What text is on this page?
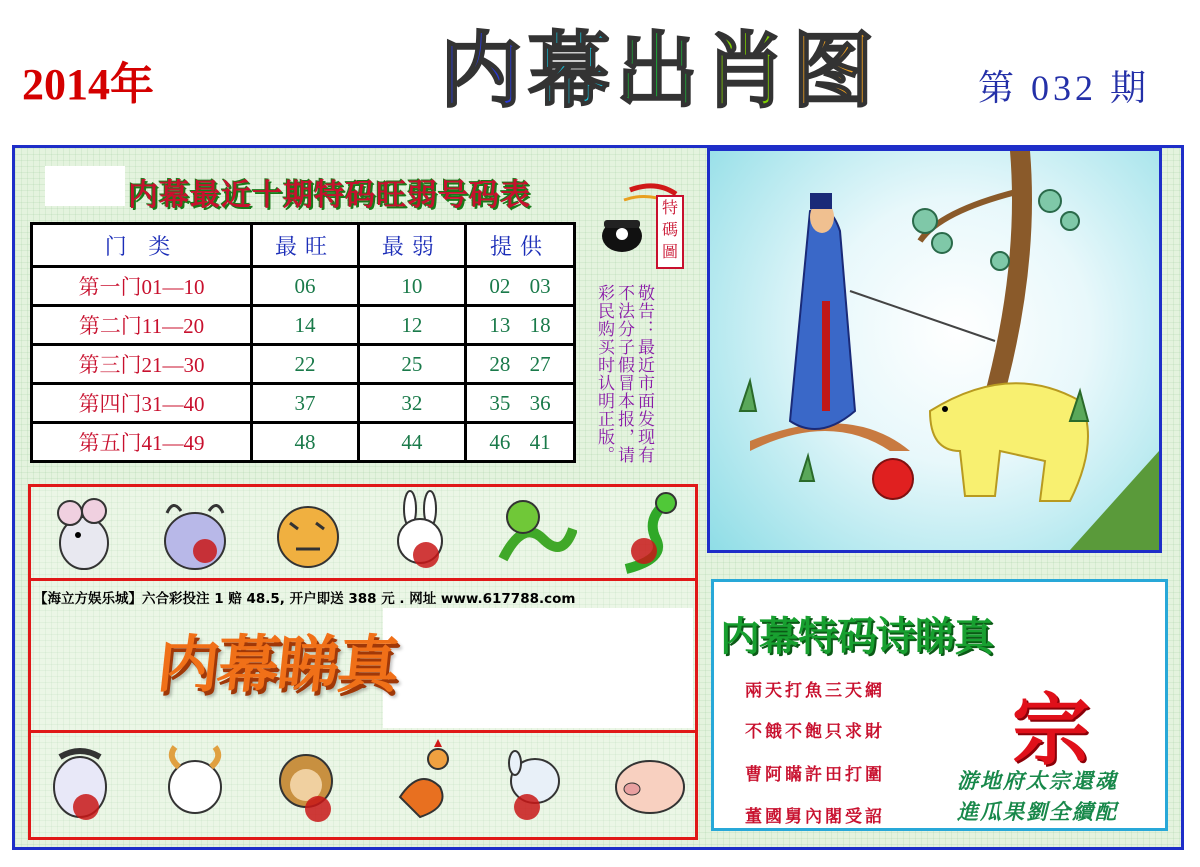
2014年	内 幕 出 肖 图	第 032 期
内幕最近十期特码旺弱号码表
门 类	最旺	最弱	提供
第一门01—10	06	10	02 03
第二门11—20	14	12	13 18
第三门21—30	22	25	28 27
第四门31—40	37	32	35 36
第五门41—49	48	44	46 41
特碼圖
敬告：最近市面发现有不法分子假冒本报，请彩民购买时认明正版。
【海立方娱乐城】六合彩投注 1 赔 48.5, 开户即送 388 元 . 网址 www.617788.com
内幕睇真	内幕特码诗睇真
兩天打魚三天網
不餓不飽只求財
曹阿瞞許田打圍
董國舅內閣受詔
宗
游地府太宗還魂
進瓜果劉全續配
